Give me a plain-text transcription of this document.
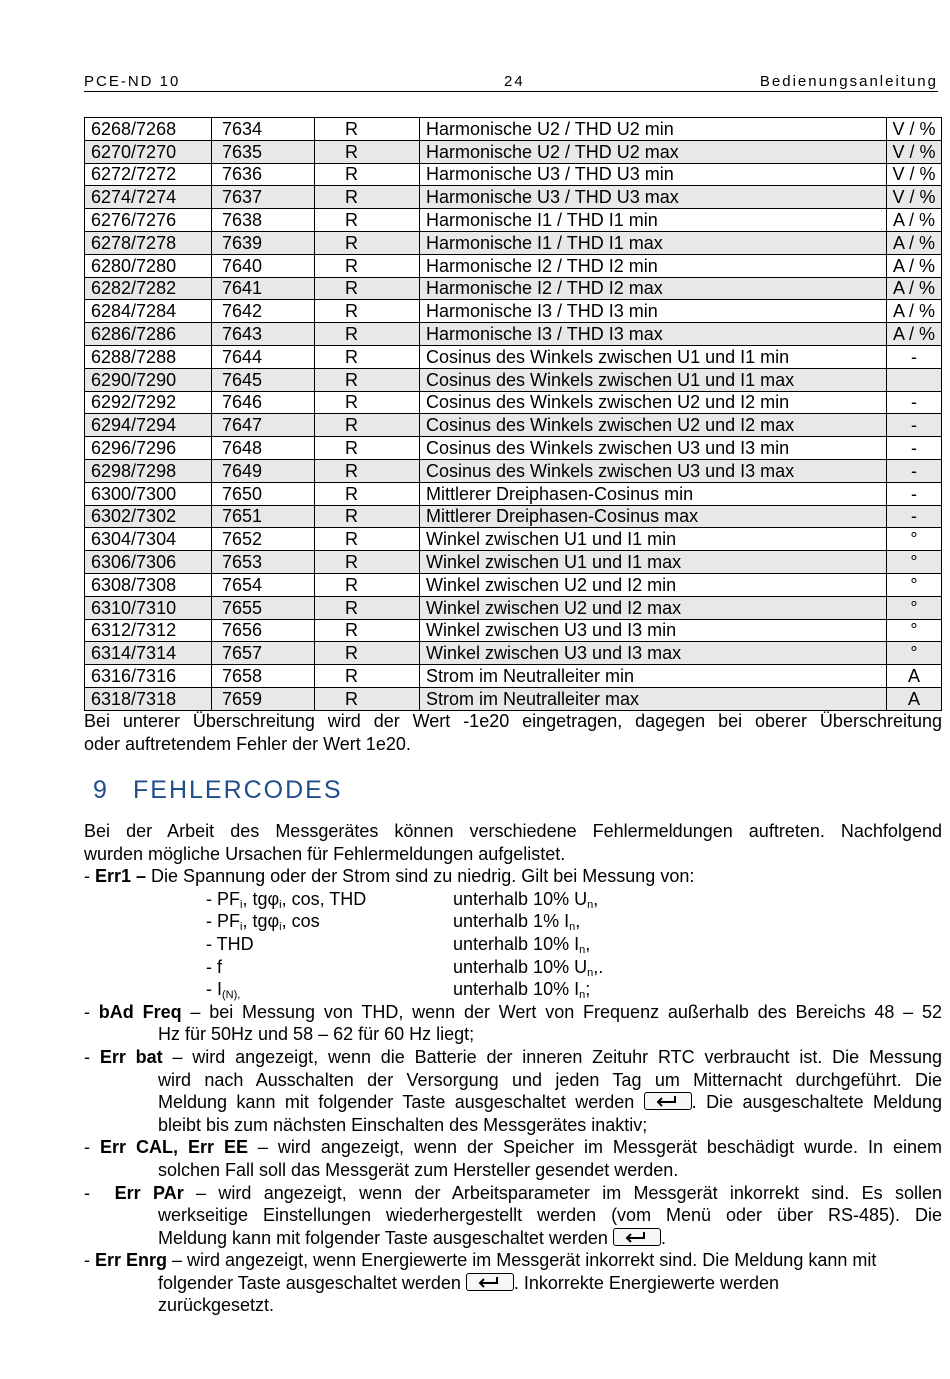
PCE-ND 10	24	Bedienungsanleitung
6268/7268	7634	R	Harmonische U2 / THD U2 min	V / %
6270/7270	7635	R	Harmonische U2 / THD U2 max	V / %
6272/7272	7636	R	Harmonische U3 / THD U3 min	V / %
6274/7274	7637	R	Harmonische U3 / THD U3 max	V / %
6276/7276	7638	R	Harmonische I1 / THD I1 min	A / %
6278/7278	7639	R	Harmonische I1 / THD I1 max	A / %
6280/7280	7640	R	Harmonische I2 / THD I2 min	A / %
6282/7282	7641	R	Harmonische I2 / THD I2 max	A / %
6284/7284	7642	R	Harmonische I3 / THD I3 min	A / %
6286/7286	7643	R	Harmonische I3 / THD I3 max	A / %
6288/7288	7644	R	Cosinus des Winkels zwischen U1 und I1 min	-
6290/7290	7645	R	Cosinus des Winkels zwischen U1 und I1 max	
6292/7292	7646	R	Cosinus des Winkels zwischen U2 und I2 min	-
6294/7294	7647	R	Cosinus des Winkels zwischen U2 und I2 max	-
6296/7296	7648	R	Cosinus des Winkels zwischen U3 und I3 min	-
6298/7298	7649	R	Cosinus des Winkels zwischen U3 und I3 max	-
6300/7300	7650	R	Mittlerer Dreiphasen-Cosinus min	-
6302/7302	7651	R	Mittlerer Dreiphasen-Cosinus max	-
6304/7304	7652	R	Winkel zwischen U1 und I1 min	°
6306/7306	7653	R	Winkel zwischen U1 und I1 max	°
6308/7308	7654	R	Winkel zwischen U2 und I2 min	°
6310/7310	7655	R	Winkel zwischen U2 und I2 max	°
6312/7312	7656	R	Winkel zwischen U3 und I3 min	°
6314/7314	7657	R	Winkel zwischen U3 und I3 max	°
6316/7316	7658	R	Strom im Neutralleiter min	A
6318/7318	7659	R	Strom im Neutralleiter max	A
Bei unterer Überschreitung wird der Wert -1e20 eingetragen, dagegen bei oberer Überschreitung
oder auftretendem Fehler der Wert 1e20.
9 FEHLERCODES
Bei der Arbeit des Messgerätes können verschiedene Fehlermeldungen auftreten. Nachfolgend
wurden mögliche Ursachen für Fehlermeldungen aufgelistet.
- Err1 – Die Spannung oder der Strom sind zu niedrig. Gilt bei Messung von:
- $PF_i$, tgφ$_i$, cos, THD	unterhalb 10% $U_n$,
- $PF_i$, tgφ$_i$, cos	unterhalb 1% $I_n$,
- THD	unterhalb 10% $I_n$,
- f	unterhalb 10% $U_n$,.
- $I_{(N),}$	unterhalb 10% $I_n$;
- bAd Freq – bei Messung von THD, wenn der Wert von Frequenz außerhalb des Bereichs 48 – 52
Hz für 50Hz und 58 – 62 für 60 Hz liegt;
- Err bat – wird angezeigt, wenn die Batterie der inneren Zeituhr RTC verbraucht ist. Die Messung
wird nach Ausschalten der Versorgung und jeden Tag um Mitternacht durchgeführt. Die
Meldung kann mit folgender Taste ausgeschaltet werden	. Die ausgeschaltete Meldung
bleibt bis zum nächsten Einschalten des Messgerätes inaktiv;
- Err CAL, Err EE – wird angezeigt, wenn der Speicher im Messgerät beschädigt wurde. In einem
solchen Fall soll das Messgerät zum Hersteller gesendet werden.
-  Err PAr – wird angezeigt, wenn der Arbeitsparameter im Messgerät inkorrekt sind. Es sollen
werkseitige Einstellungen wiederhergestellt werden (vom Menü oder über RS-485). Die
Meldung kann mit folgender Taste ausgeschaltet werden	.
- Err Enrg – wird angezeigt, wenn Energiewerte im Messgerät inkorrekt sind. Die Meldung kann mit
folgender Taste ausgeschaltet werden	. Inkorrekte Energiewerte werden
zurückgesetzt.
